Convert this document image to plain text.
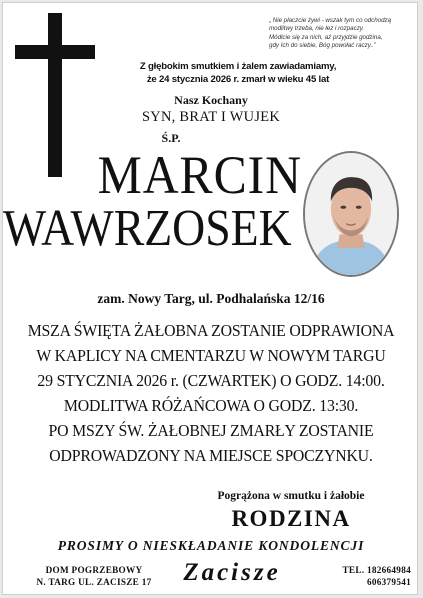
„ Nie płaczcie żywi - wszak tym co odchodzą
modlitwy trzeba, nie łez i rozpaczy.
Módlcie się za nich, aż przyjdzie godzina,
gdy Ich do siebie, Bóg powołać raczy..”
Z głębokim smutkiem i żalem zawiadamiamy,
że 24 stycznia 2026 r. zmarł w wieku 45 lat
Nasz Kochany
SYN, BRAT I WUJEK
Ś.P.
MARCIN
WAWRZOSEK
zam. Nowy Targ, ul. Podhalańska 12/16
MSZA ŚWIĘTA ŻAŁOBNA ZOSTANIE ODPRAWIONA
W KAPLICY NA CMENTARZU W NOWYM TARGU
29 STYCZNIA 2026 r. (CZWARTEK) O GODZ. 14:00.
MODLITWA RÓŻAŃCOWA O GODZ. 13:30.
PO MSZY ŚW. ŻAŁOBNEJ ZMARŁY ZOSTANIE
ODPROWADZONY NA MIEJSCE SPOCZYNKU.
Pogrążona w smutku i żałobie
RODZINA
PROSIMY O NIESKŁADANIE KONDOLENCJI
DOM POGRZEBOWY
N. TARG UL. ZACISZE 17	Zacisze	TEL. 182664984
606379541
